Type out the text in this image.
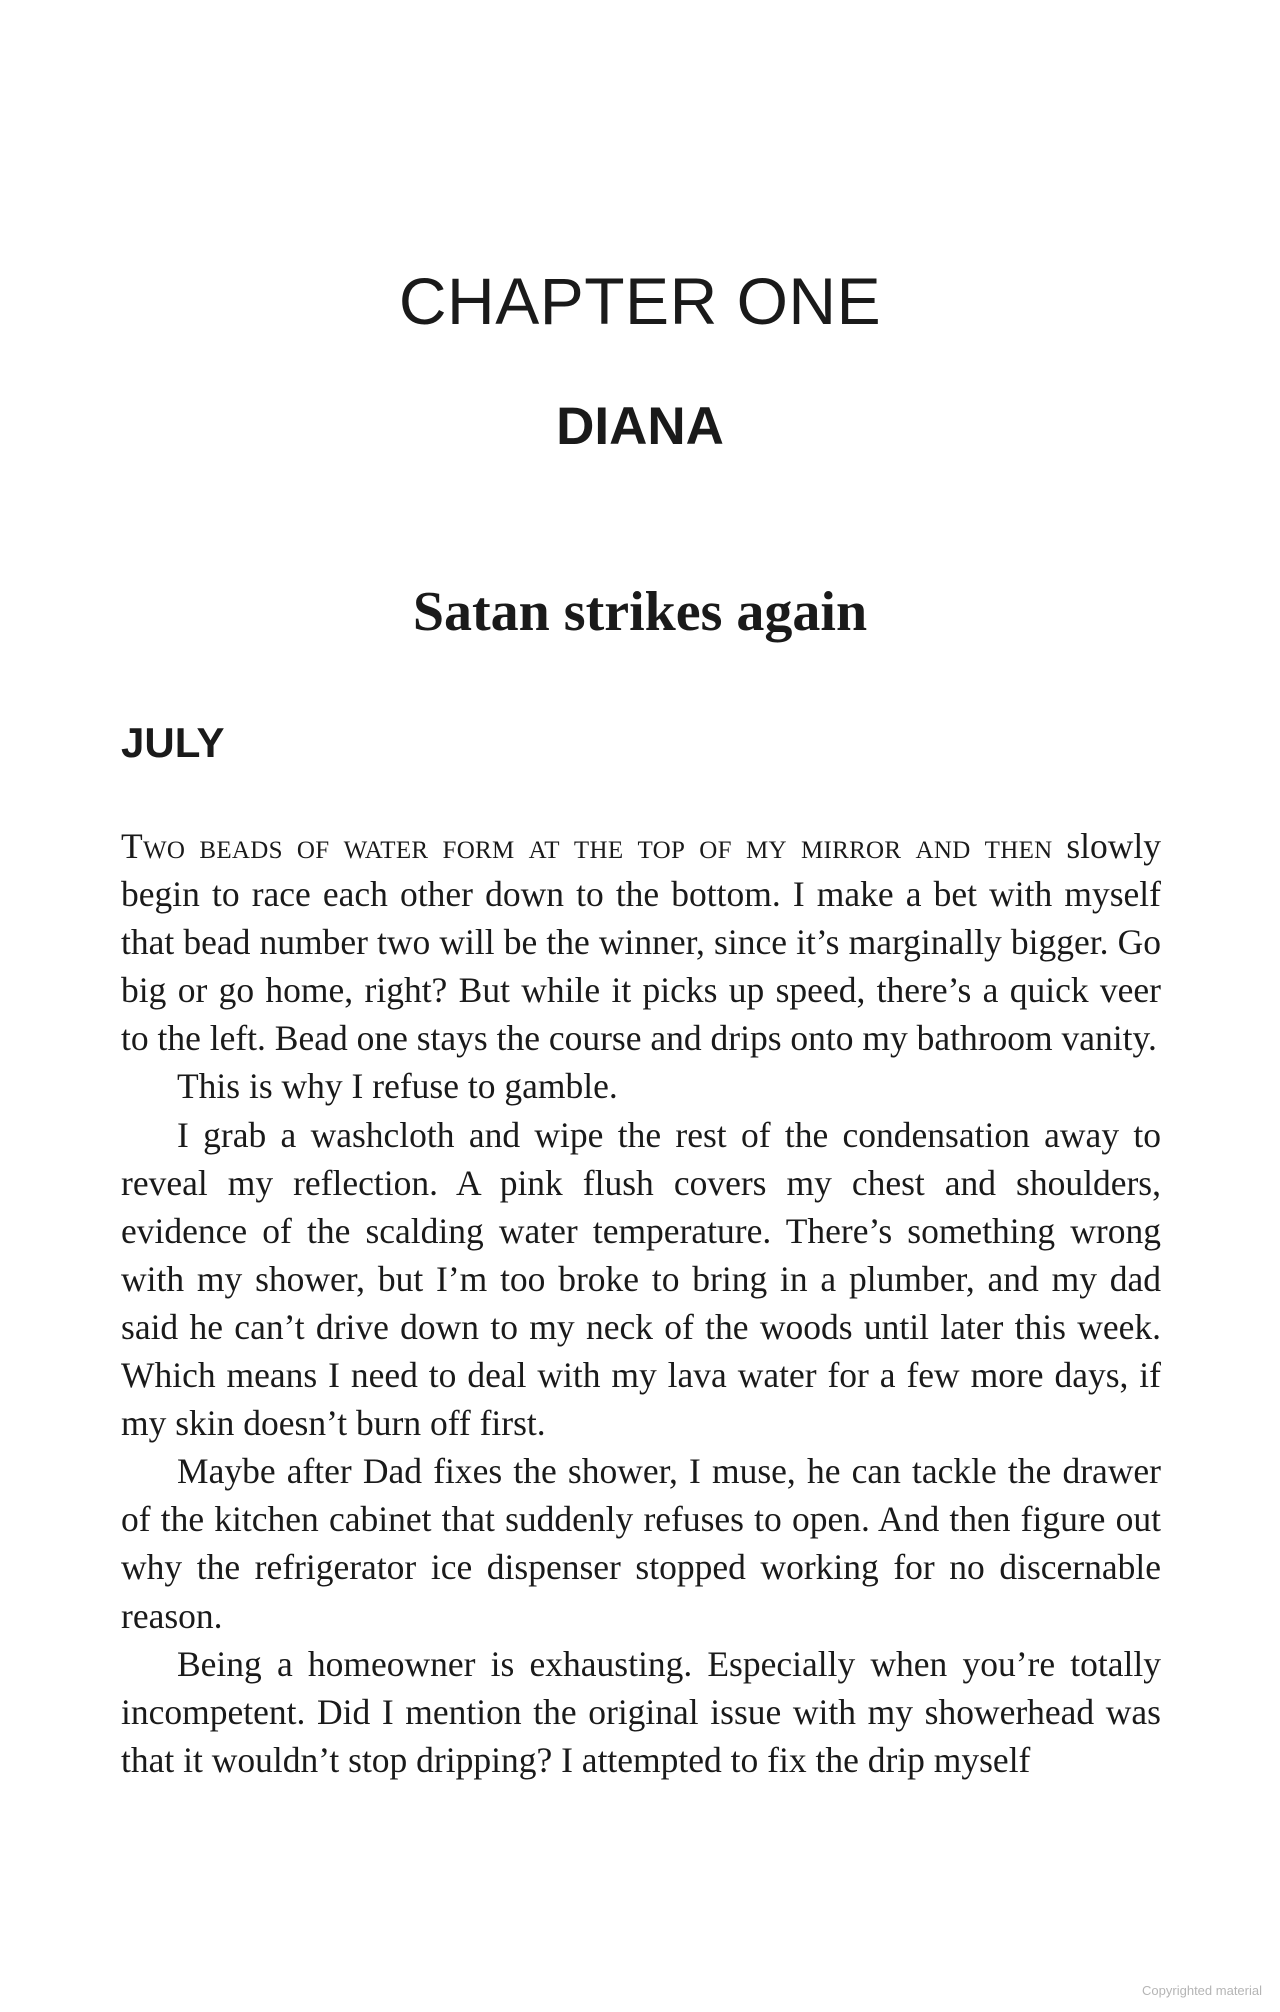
CHAPTER ONE
DIANA
Satan strikes again
JULY

Two beads of water form at the top of my mirror and then slowly begin to race each other down to the bottom. I make a bet with myself that bead number two will be the winner, since it’s marginally bigger. Go big or go home, right? But while it picks up speed, there’s a quick veer to the left. Bead one stays the course and drips onto my bathroom vanity.

This is why I refuse to gamble.

I grab a washcloth and wipe the rest of the condensation away to reveal my reflection. A pink flush covers my chest and shoulders, evidence of the scalding water temperature. There’s something wrong with my shower, but I’m too broke to bring in a plumber, and my dad said he can’t drive down to my neck of the woods until later this week. Which means I need to deal with my lava water for a few more days, if my skin doesn’t burn off first.

Maybe after Dad fixes the shower, I muse, he can tackle the drawer of the kitchen cabinet that suddenly refuses to open. And then figure out why the refrigerator ice dispenser stopped working for no discernable reason.

Being a homeowner is exhausting. Especially when you’re totally incompetent. Did I mention the original issue with my showerhead was that it wouldn’t stop dripping? I attempted to fix the drip myself

Copyrighted material
